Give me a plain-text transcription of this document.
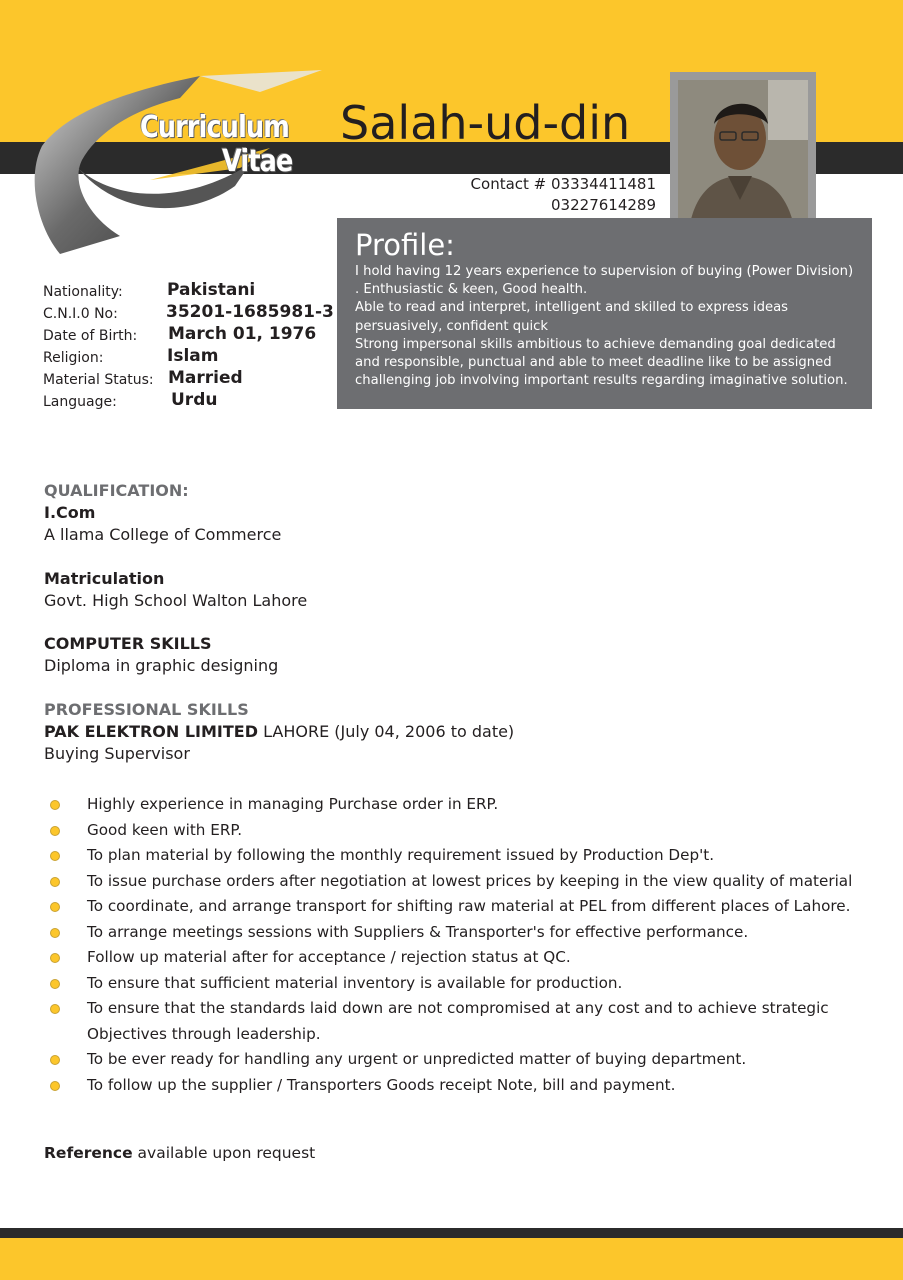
Curriculum
Vitae
Salah-ud-din
Contact # 03334411481
03227614289
Profile:
I hold having 12 years experience to supervision of buying (Power Division)
. Enthusiastic & keen, Good health.
Able to read and interpret, intelligent and skilled to express ideas
persuasively, confident quick
Strong impersonal skills ambitious to achieve demanding goal dedicated
and responsible, punctual and able to meet deadline like to be assigned
challenging job involving important results regarding imaginative solution.
Nationality:	Pakistani
C.N.I.0 No:	35201-1685981-3
Date of Birth: March 01, 1976
Religion:	Islam
Material Status: Married
Language:	Urdu
QUALIFICATION:
I.Com
A llama College of Commerce
Matriculation
Govt. High School Walton Lahore
COMPUTER SKILLS
Diploma in graphic designing
PROFESSIONAL SKILLS
PAK ELEKTRON LIMITED LAHORE (July 04, 2006 to date)
Buying Supervisor
Highly experience in managing Purchase order in ERP.
Good keen with ERP.
To plan material by following the monthly requirement issued by Production Dep't.
To issue purchase orders after negotiation at lowest prices by keeping in the view quality of material
To coordinate, and arrange transport for shifting raw material at PEL from different places of Lahore.
To arrange meetings sessions with Suppliers & Transporter's for effective performance.
Follow up material after for acceptance / rejection status at QC.
To ensure that sufficient material inventory is available for production.
To ensure that the standards laid down are not compromised at any cost and to achieve strategic
Objectives through leadership.
To be ever ready for handling any urgent or unpredicted matter of buying department.
To follow up the supplier / Transporters Goods receipt Note, bill and payment.
Reference available upon request
